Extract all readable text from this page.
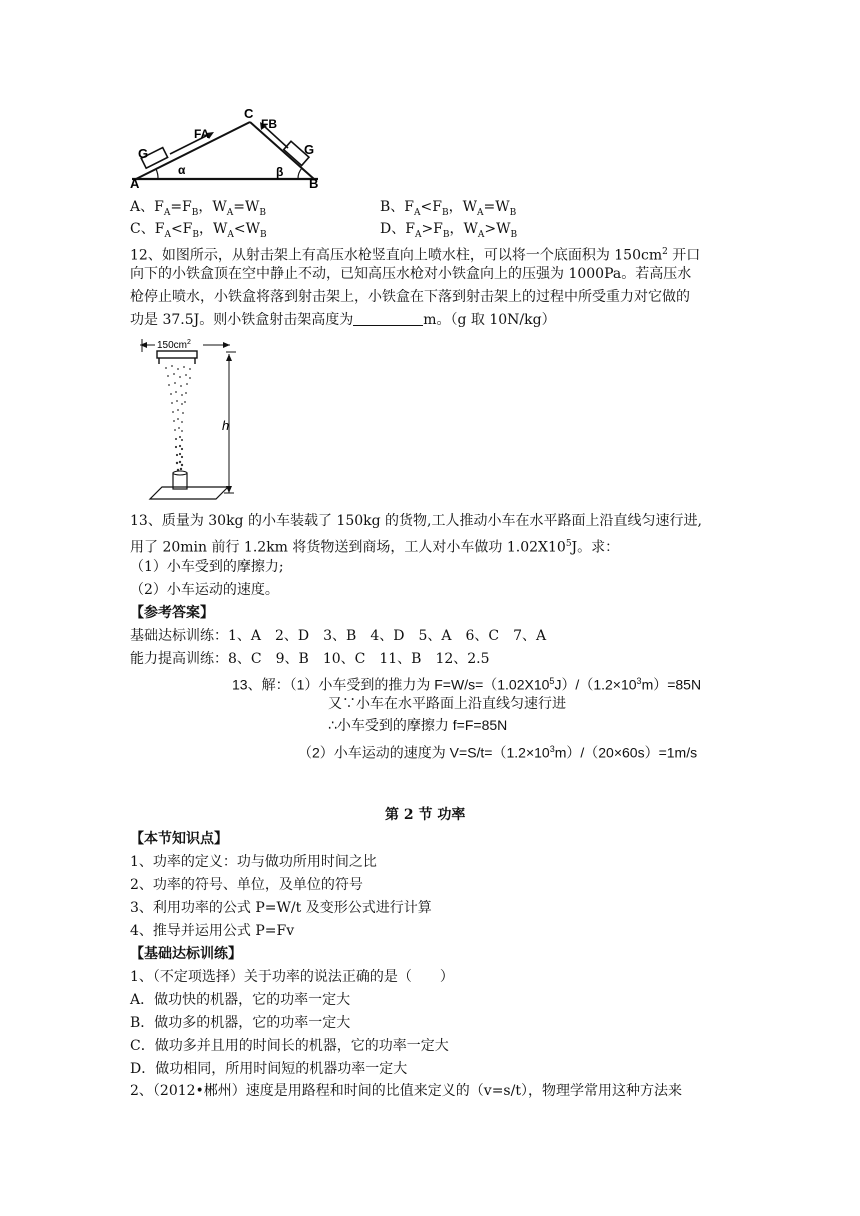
C
FA
FB
G	G
A	B
α	β
A、$F_A=F_B$，$W_A=W_B$	B、$F_A<F_B$，$W_A=W_B$
C、$F_A<F_B$，$W_A<W_B$	D、$F_A>F_B$，$W_A>W_B$
12、如图所示，从射击架上有高压水枪竖直向上喷水柱，可以将一个底面积为 $150cm^2$ 开口
向下的小铁盒顶在空中静止不动，已知高压水枪对小铁盒向上的压强为 1000Pa。若高压水
枪停止喷水，小铁盒将落到射击架上，小铁盒在下落到射击架上的过程中所受重力对它做的
功是 37.5J。则小铁盒射击架高度为	m。（g 取 10N/kg）
$150cm^2$
h
13、质量为 30kg 的小车装载了 150kg 的货物,工人推动小车在水平路面上沿直线匀速行进,
用了 20min 前行 1.2km 将货物送到商场，工人对小车做功 $1.02X10^5J$。求：
（1）小车受到的摩擦力;
（2）小车运动的速度。
【参考答案】
基础达标训练：1、A　2、D　3、B　4、D　5、A　6、C　7、A
能力提高训练：8、C　9、B　10、C　11、B　12、2.5
13、解：（1）小车受到的推力为 $F=W/s=(1.02X10^5J)/(1.2\times 10^3m)=85N$
又∵小车在水平路面上沿直线匀速行进
∴小车受到的摩擦力 f=F=85N
（2）小车运动的速度为 $V=S/t=(1.2\times 10^3m)/(20\times 60s)=1m/s$
第 2 节 功率
【本节知识点】
1、功率的定义：功与做功所用时间之比
2、功率的符号、单位，及单位的符号
3、利用功率的公式 P=W/t 及变形公式进行计算
4、推导并运用公式 P=Fv
【基础达标训练】
1、（不定项选择）关于功率的说法正确的是（　　）
A．做功快的机器，它的功率一定大
B．做功多的机器，它的功率一定大
C．做功多并且用的时间长的机器，它的功率一定大
D．做功相同，所用时间短的机器功率一定大
2、（2012•郴州）速度是用路程和时间的比值来定义的（v=s/t），物理学常用这种方法来
